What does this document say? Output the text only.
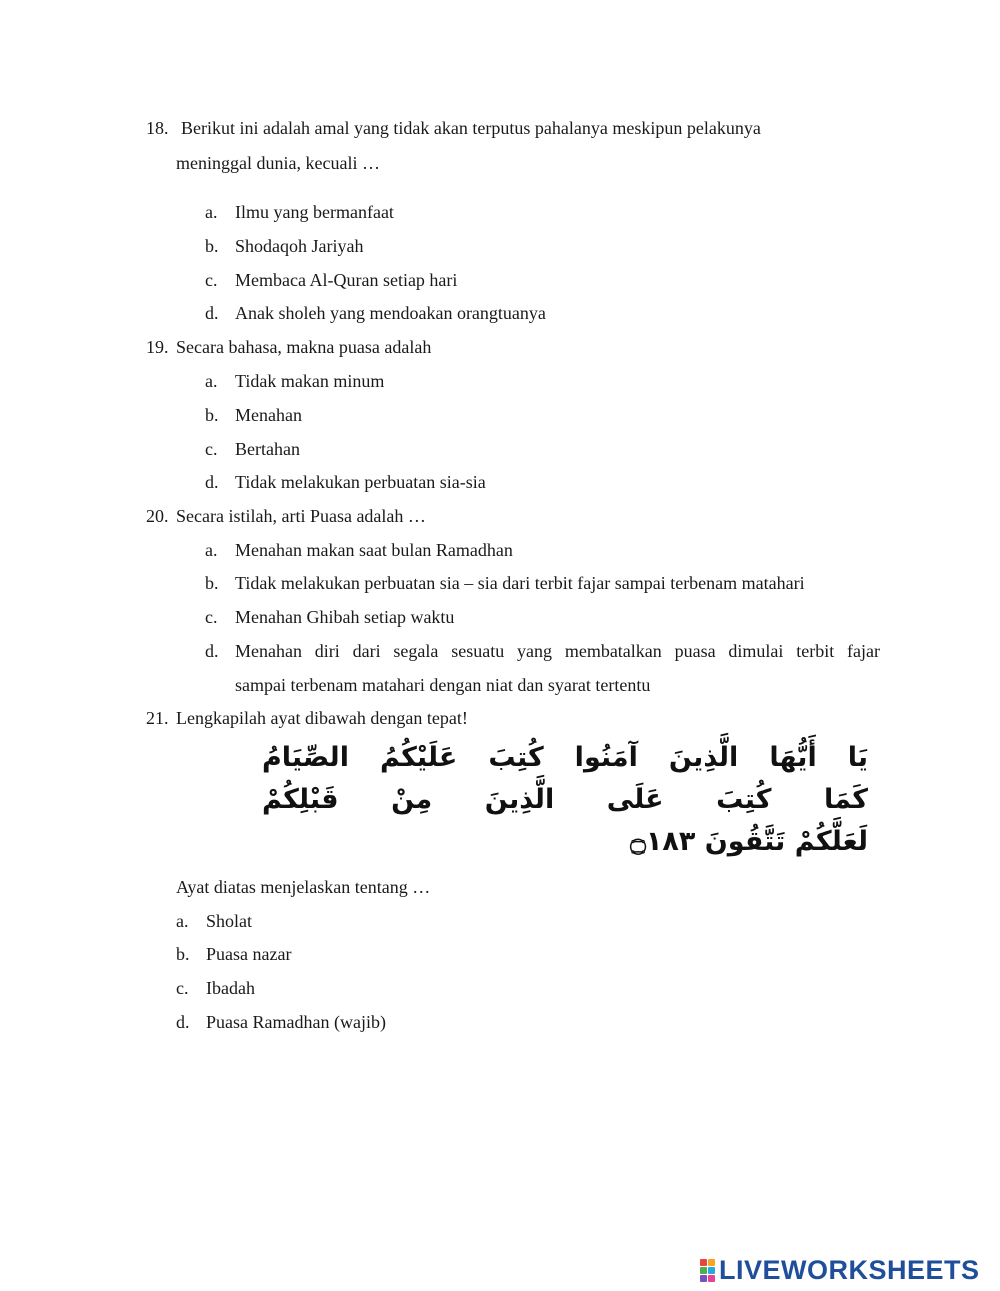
18. Berikut ini adalah amal yang tidak akan terputus pahalanya meskipun pelakunya
meninggal dunia, kecuali …
a. Ilmu yang bermanfaat
b. Shodaqoh Jariyah
c. Membaca Al-Quran setiap hari
d. Anak sholeh yang mendoakan orangtuanya
19. Secara bahasa, makna puasa adalah
a. Tidak makan minum
b. Menahan
c. Bertahan
d. Tidak melakukan perbuatan sia-sia
20. Secara istilah, arti Puasa adalah …
a. Menahan makan saat bulan Ramadhan
b. Tidak melakukan perbuatan sia – sia dari terbit fajar sampai terbenam matahari
c. Menahan Ghibah setiap waktu
d. Menahan diri dari segala sesuatu yang membatalkan puasa dimulai terbit fajar
sampai terbenam matahari dengan niat dan syarat tertentu
21. Lengkapilah ayat dibawah dengan tepat!
يَا أَيُّهَا الَّذِينَ آمَنُوا كُتِبَ عَلَيْكُمُ الصِّيَامُ
كَمَا كُتِبَ عَلَى الَّذِينَ مِنْ قَبْلِكُمْ
لَعَلَّكُمْ تَتَّقُونَ ۝١٨٣
Ayat diatas menjelaskan tentang …
a. Sholat
b. Puasa nazar
c. Ibadah
d. Puasa Ramadhan (wajib)
LIVEWORKSHEETS
